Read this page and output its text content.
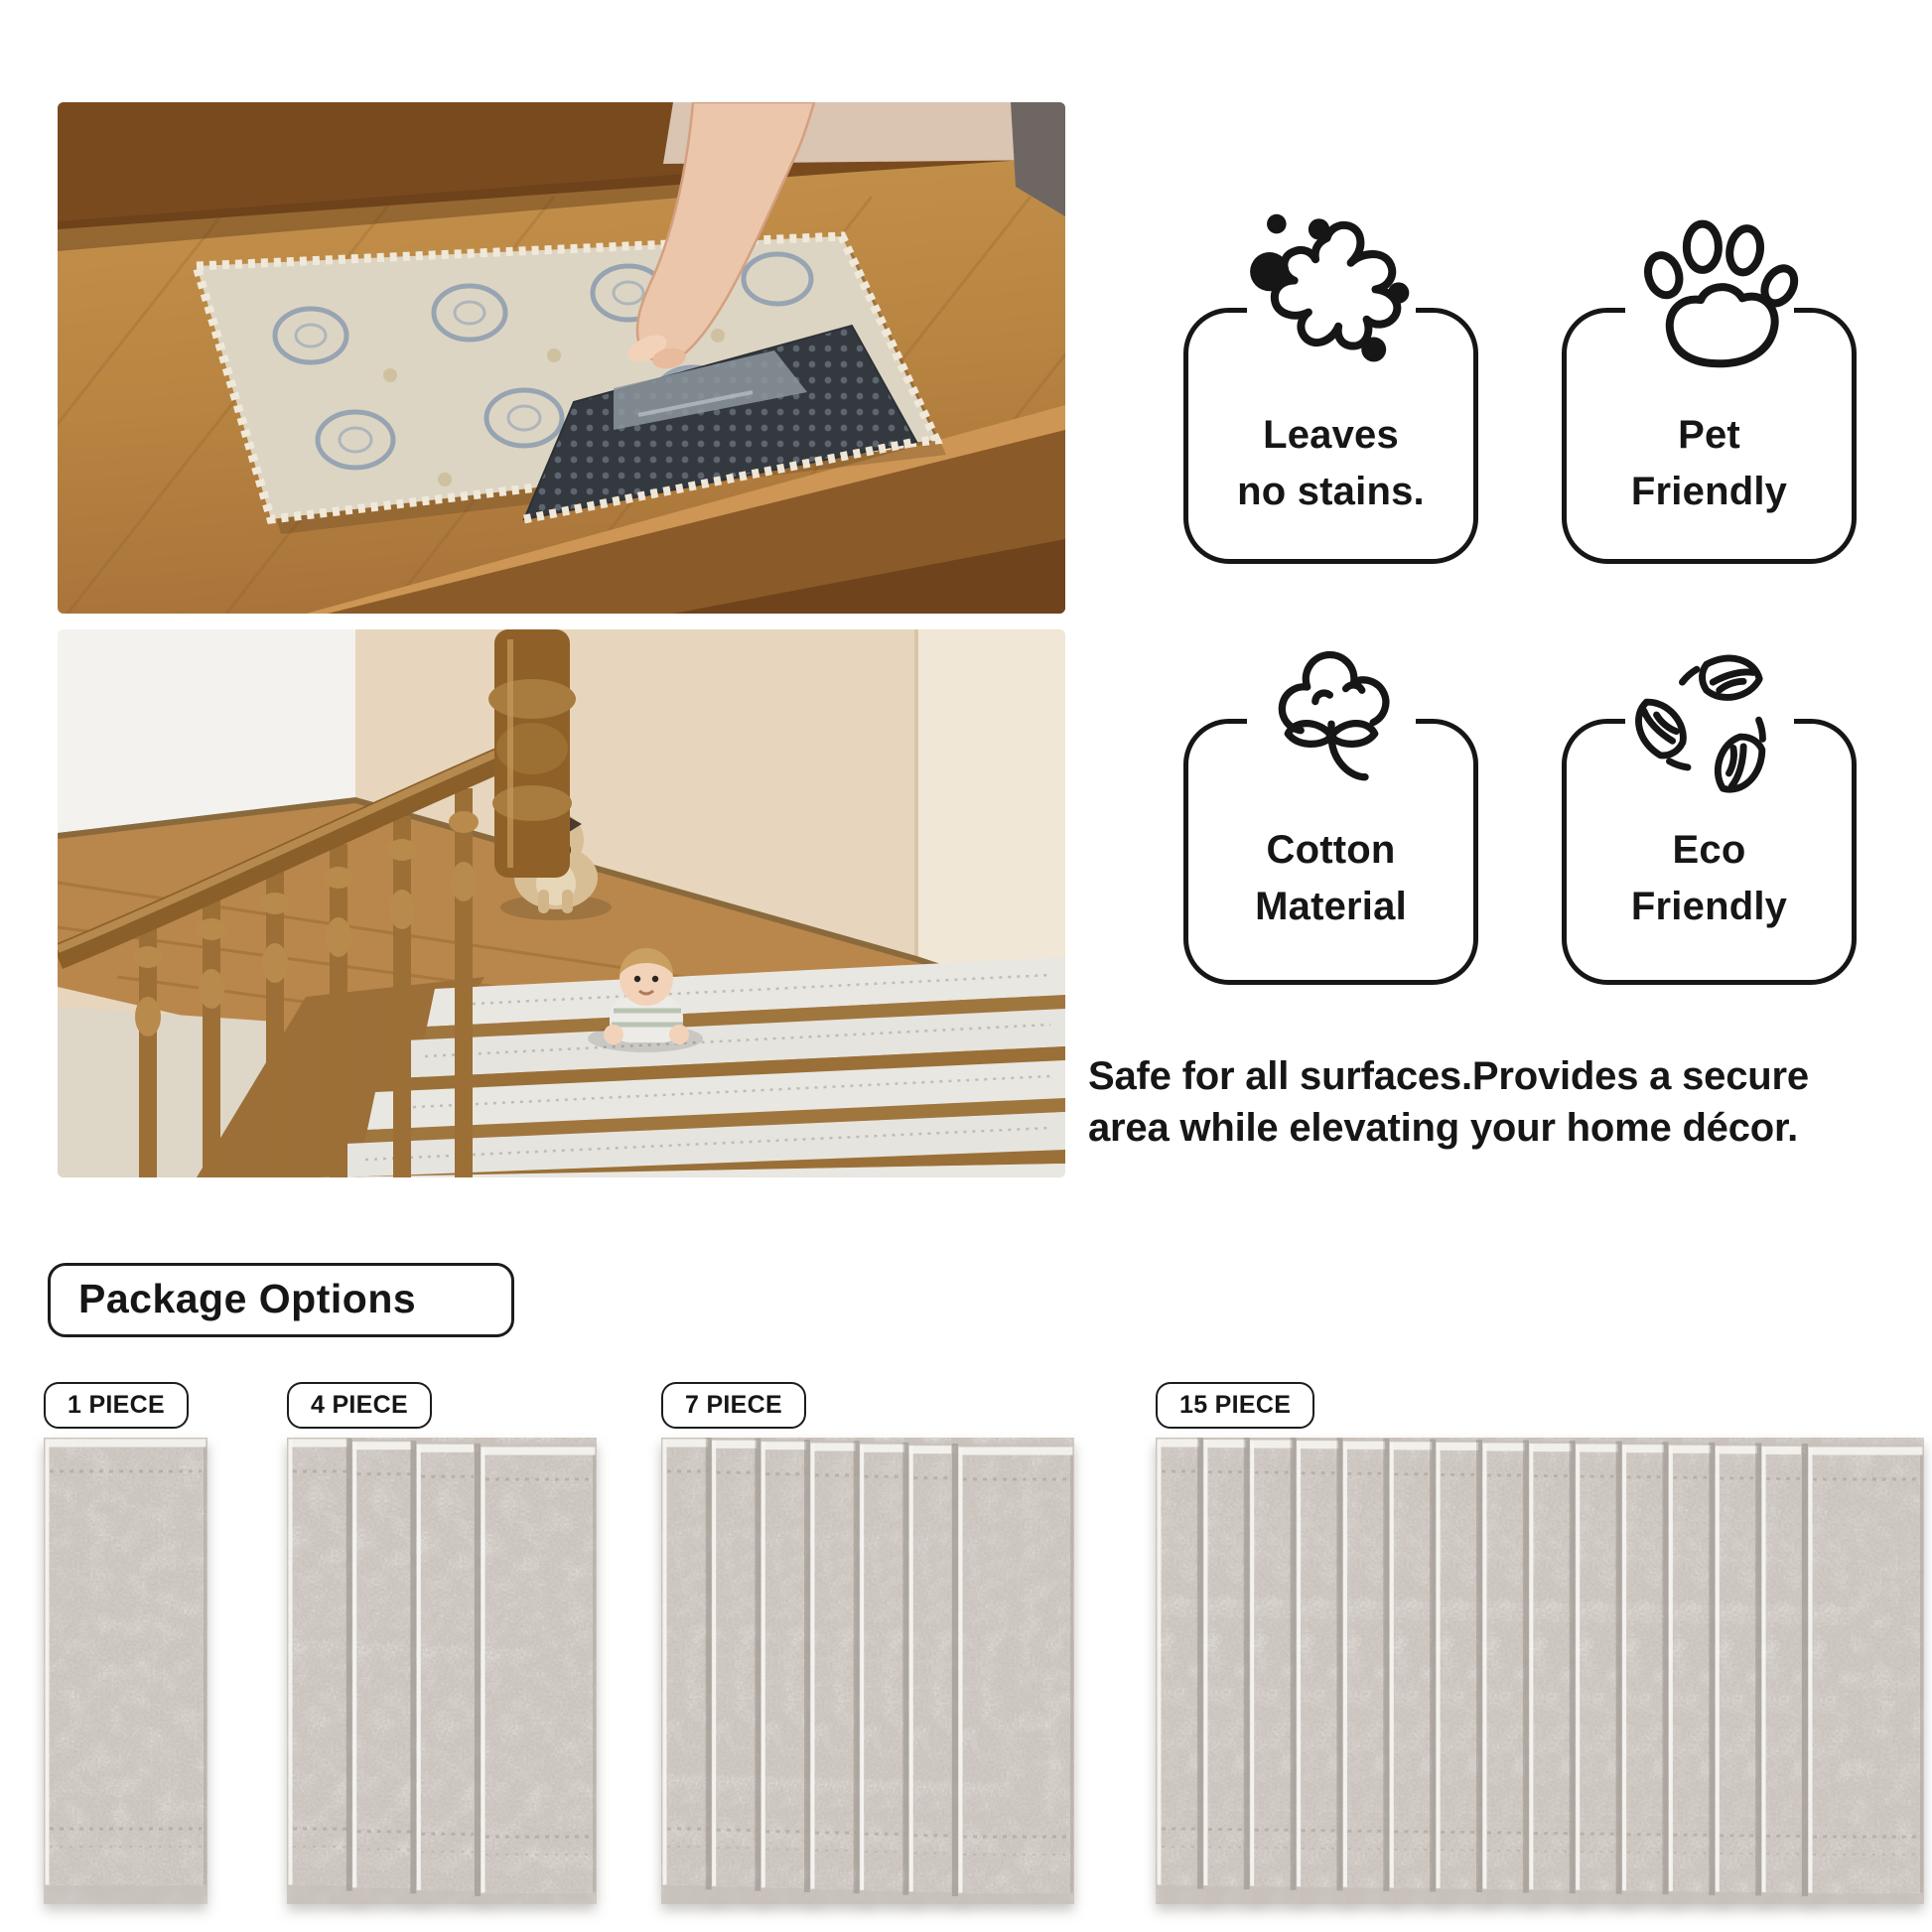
Leaves
no stains.
Pet
Friendly
Cotton
Material
Eco
Friendly
Safe for all surfaces.Provides a secure
area while elevating your home décor.
Package Options
1 PIECE	4 PIECE	7 PIECE	15 PIECE
